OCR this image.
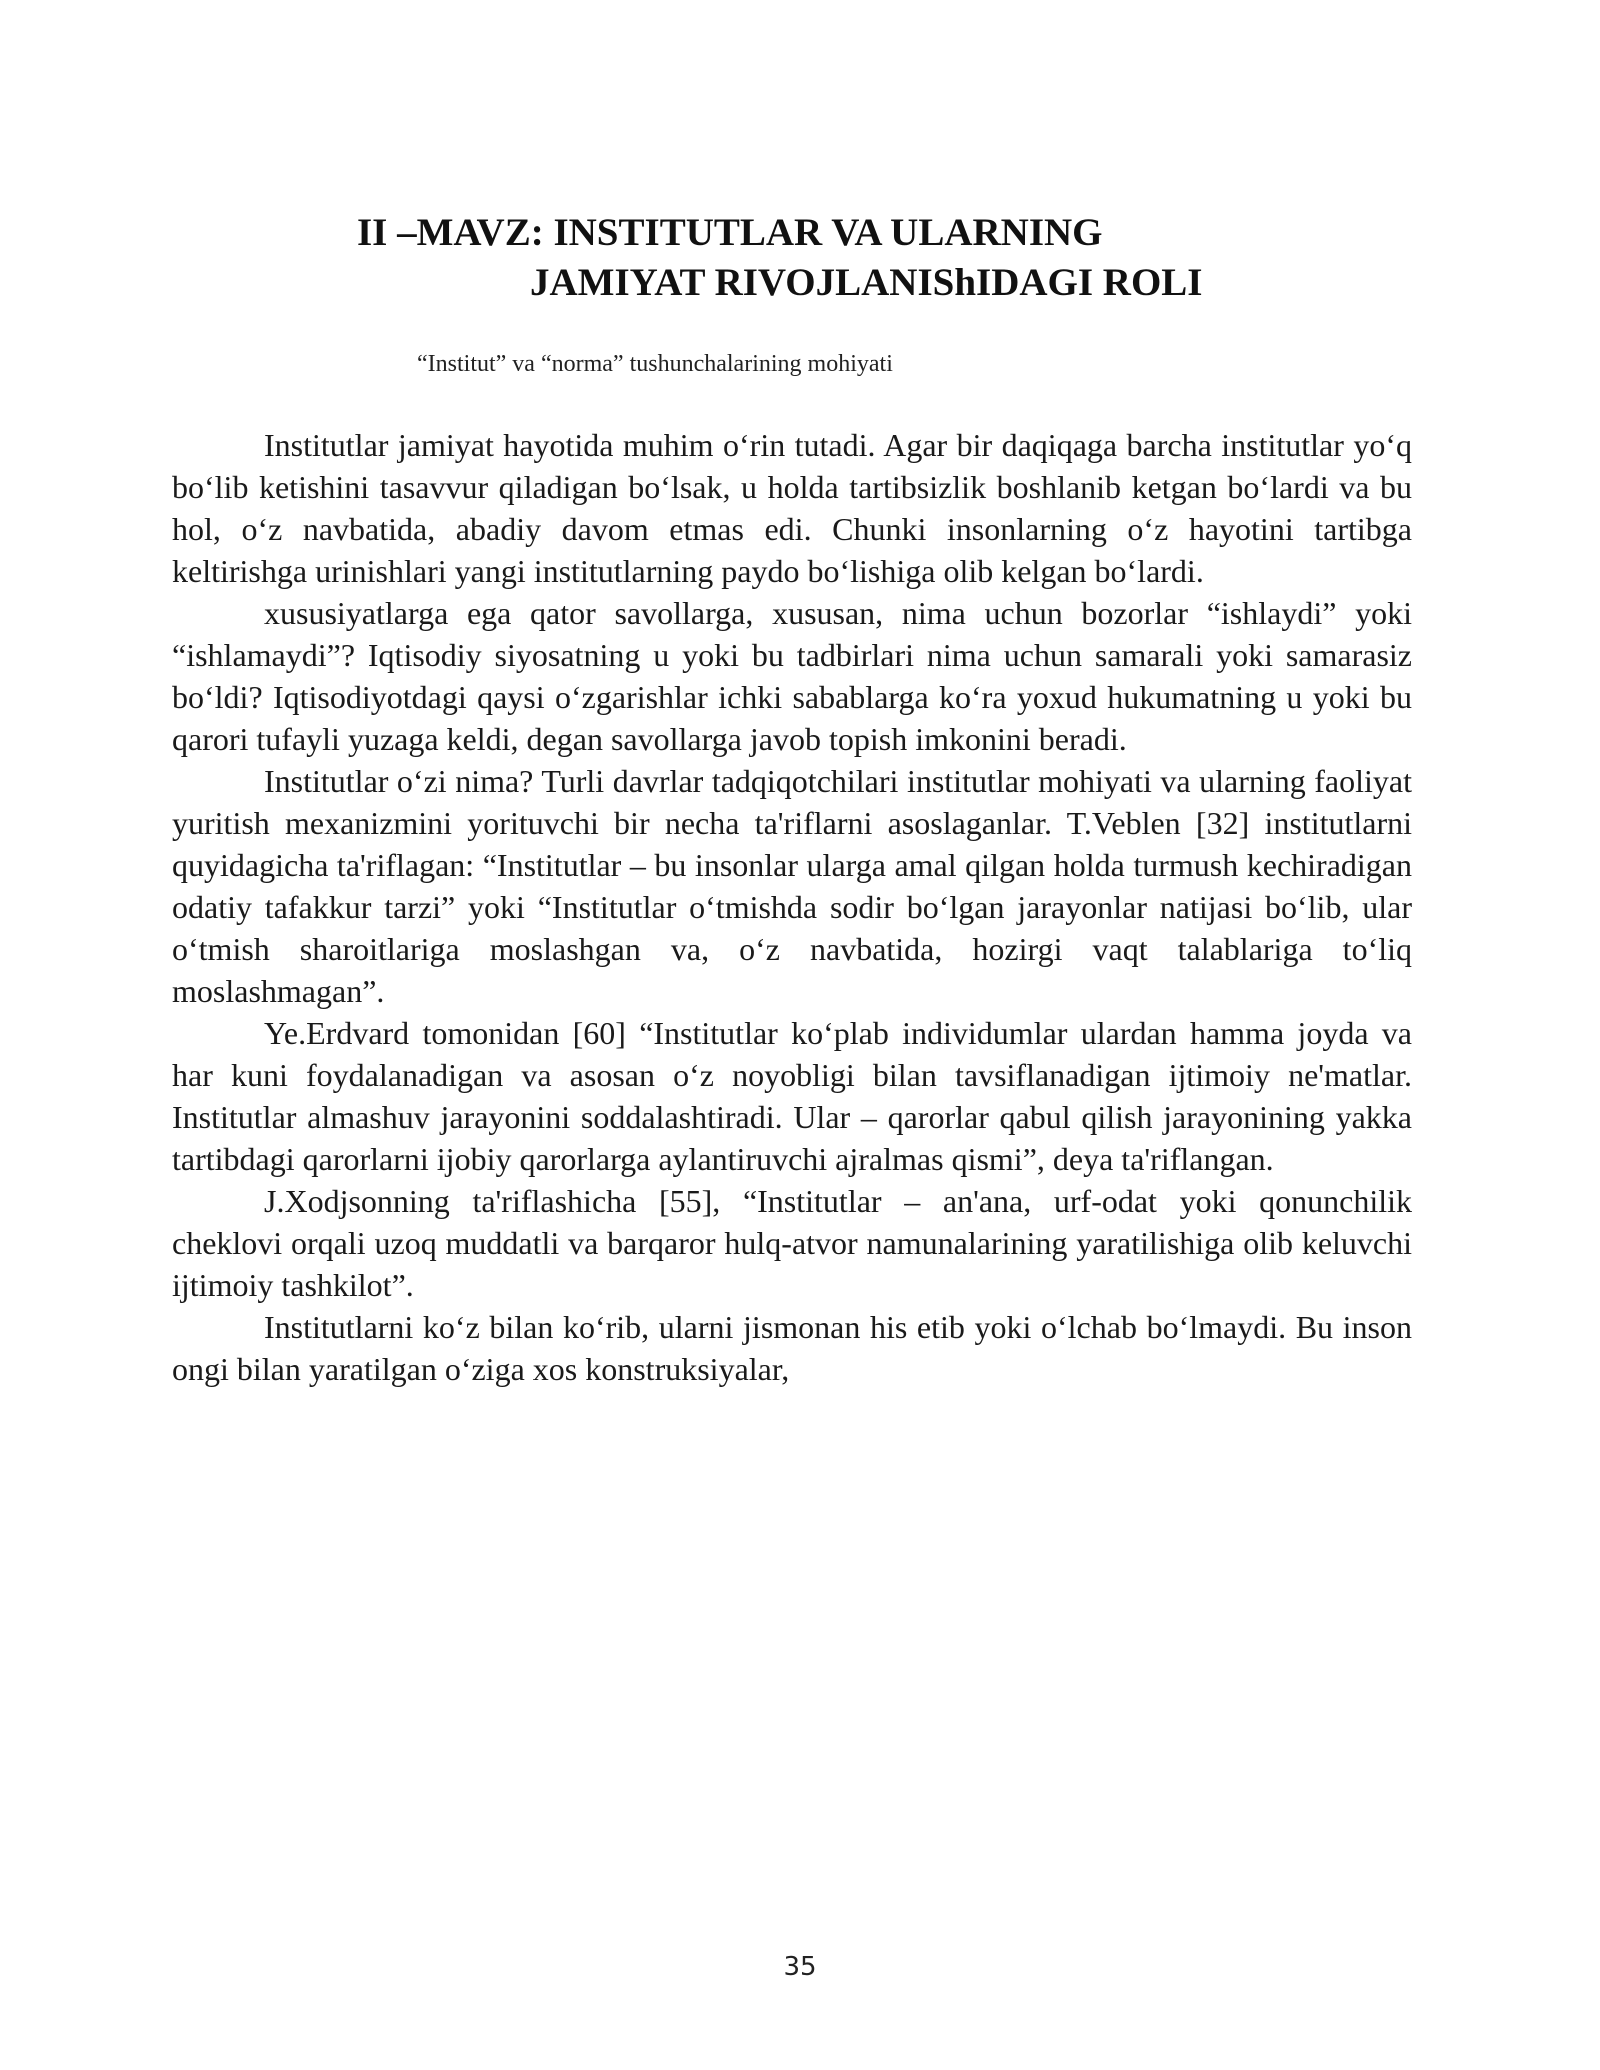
II –MAVZ: INSTITUTLAR VA ULARNING
JAMIYAT RIVOJLANIShIDAGI ROLI
“Institut” va “norma” tushunchalarining mohiyati

Institutlar jamiyat hayotida muhim o‘rin tutadi. Agar bir daqiqaga barcha institutlar yo‘q bo‘lib ketishini tasavvur qiladigan bo‘lsak, u holda tartibsizlik boshlanib ketgan bo‘lardi va bu hol, o‘z navbatida, abadiy davom etmas edi. Chunki insonlarning o‘z hayotini tartibga keltirishga urinishlari yangi institutlarning paydo bo‘lishiga olib kelgan bo‘lardi.

xususiyatlarga ega qator savollarga, xususan, nima uchun bozorlar “ishlaydi” yoki “ishlamaydi”? Iqtisodiy siyosatning u yoki bu tadbirlari nima uchun samarali yoki samarasiz bo‘ldi? Iqtisodiyotdagi qaysi o‘zgarishlar ichki sabablarga ko‘ra yoxud hukumatning u yoki bu qarori tufayli yuzaga keldi, degan savollarga javob topish imkonini beradi.

Institutlar o‘zi nima? Turli davrlar tadqiqotchilari institutlar mohiyati va ularning faoliyat yuritish mexanizmini yorituvchi bir necha ta'riflarni asoslaganlar. T.Veblen [32] institutlarni quyidagicha ta'riflagan: “Institutlar – bu insonlar ularga amal qilgan holda turmush kechiradigan odatiy tafakkur tarzi” yoki “Institutlar o‘tmishda sodir bo‘lgan jarayonlar natijasi bo‘lib, ular o‘tmish sharoitlariga moslashgan va, o‘z navbatida, hozirgi vaqt talablariga to‘liq moslashmagan”.

Ye.Erdvard tomonidan [60] “Institutlar ko‘plab individumlar ulardan hamma joyda va har kuni foydalanadigan va asosan o‘z noyobligi bilan tavsiflanadigan ijtimoiy ne'matlar. Institutlar almashuv jarayonini soddalashtiradi. Ular – qarorlar qabul qilish jarayonining yakka tartibdagi qarorlarni ijobiy qarorlarga aylantiruvchi ajralmas qismi”, deya ta'riflangan.

J.Xodjsonning ta'riflashicha [55], “Institutlar – an'ana, urf-odat yoki qonunchilik cheklovi orqali uzoq muddatli va barqaror hulq-atvor namunalarining yaratilishiga olib keluvchi ijtimoiy tashkilot”.

Institutlarni ko‘z bilan ko‘rib, ularni jismonan his etib yoki o‘lchab bo‘lmaydi. Bu inson ongi bilan yaratilgan o‘ziga xos konstruksiyalar,

35
